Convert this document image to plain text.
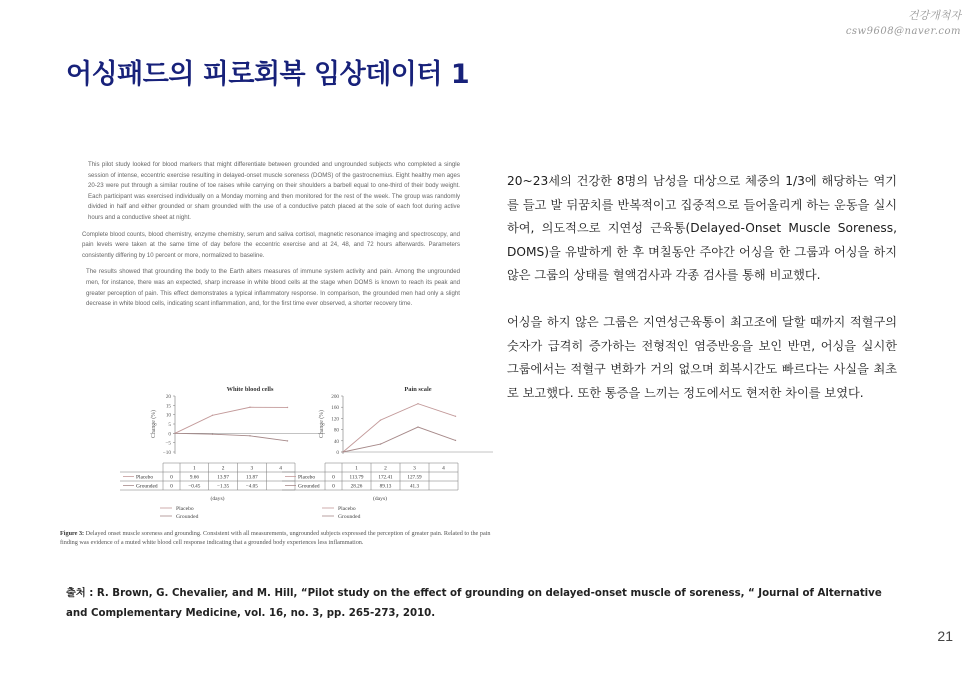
건강개척자
csw9608@naver.com
어싱패드의 피로회복 임상데이터 1

This pilot study looked for blood markers that might differentiate between grounded and ungrounded subjects who completed a single session of intense, eccentric exercise resulting in delayed-onset muscle soreness (DOMS) of the gastrocnemius. Eight healthy men ages 20-23 were put through a similar routine of toe raises while carrying on their shoulders a barbell equal to one-third of their body weight. Each participant was exercised individually on a Monday morning and then monitored for the rest of the week. The group was randomly divided in half and either grounded or sham grounded with the use of a conductive patch placed at the sole of each foot during active hours and a conductive sheet at night.

Complete blood counts, blood chemistry, enzyme chemistry, serum and saliva cortisol, magnetic resonance imaging and spectroscopy, and pain levels were taken at the same time of day before the eccentric exercise and at 24, 48, and 72 hours afterwards. Parameters consistently differing by 10 percent or more, normalized to baseline.

The results showed that grounding the body to the Earth alters measures of immune system activity and pain. Among the ungrounded men, for instance, there was an expected, sharp increase in white blood cells at the stage when DOMS is known to reach its peak and greater perception of pain. This effect demonstrates a typical inflammatory response. In comparison, the grounded men had only a slight decrease in white blood cells, indicating scant inflammation, and, for the first time ever observed, a shorter recovery time.

White blood cells
20
15
10
5
0
−5
−10
Change (%)
1	2	3	4
Placebo	0	9.66	13.97	13.87
Grounded 0	−0.45	−1.35	−4.05
(days)
Placebo
Grounded
Pain scale
200
160
120
80
40
0
Change (%)
1	2	3	4
Placebo	0	113.79	172.41	127.59
Grounded 0	28.26	89.13	41.3
(days)
Placebo
Grounded
Figure 3: Delayed onset muscle soreness and grounding. Consistent with all measurements, ungrounded subjects expressed the perception of greater pain. Related to the pain finding was evidence of a muted white blood cell response indicating that a grounded body experiences less inflammation.

20~23세의 건강한 8명의 남성을 대상으로 체중의 1/3에 해당하는 역기를 들고 발 뒤꿈치를 반복적이고 집중적으로 들어올리게 하는 운동을 실시하여, 의도적으로 지연성 근육통(Delayed-Onset Muscle Soreness, DOMS)을 유발하게 한 후 며칠동안 주야간 어싱을 한 그룹과 어싱을 하지 않은 그룹의 상태를 혈액검사과 각종 검사를 통해 비교했다.

어싱을 하지 않은 그룹은 지연성근육통이 최고조에 달할 때까지 적혈구의 숫자가 급격히 증가하는 전형적인 염증반응을 보인 반면, 어싱을 실시한 그룹에서는 적혈구 변화가 거의 없으며 회복시간도 빠르다는 사실을 최초로 보고했다. 또한 통증을 느끼는 정도에서도 현저한 차이를 보였다.

출처 : R. Brown, G. Chevalier, and M. Hill, “Pilot study on the effect of grounding on delayed-onset muscle of soreness, “ Journal of Alternative and Complementary Medicine, vol. 16, no. 3, pp. 265-273, 2010.
21
